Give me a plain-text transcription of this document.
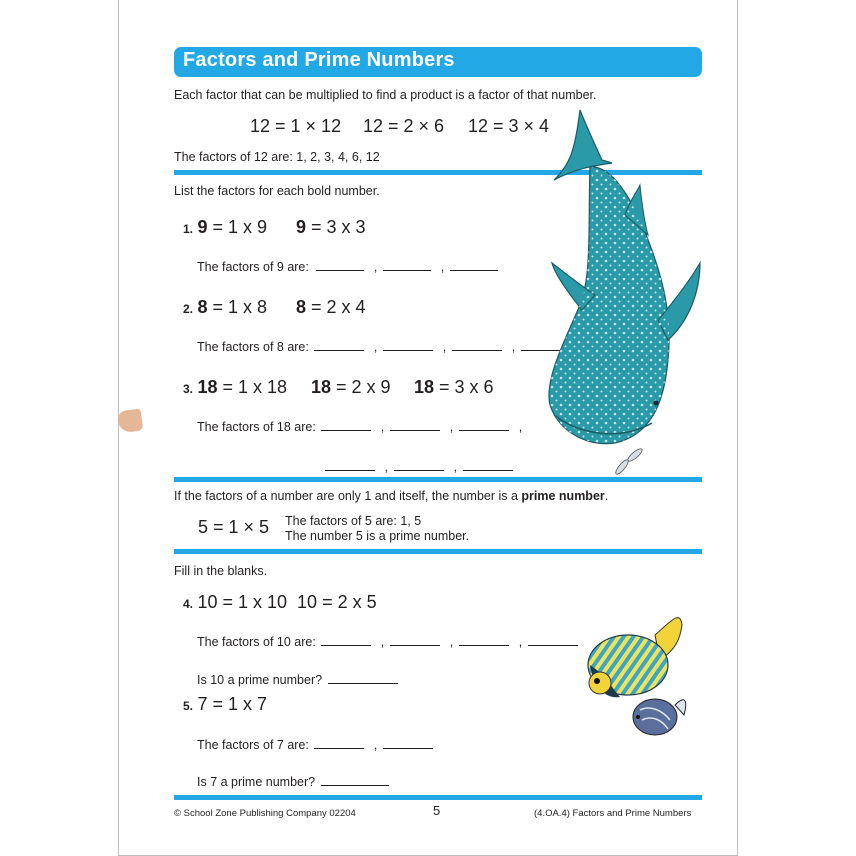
Factors and Prime Numbers
Each factor that can be multiplied to find a product is a factor of that number.
12 = 1 × 12 12 = 2 × 6 12 = 3 × 4
The factors of 12 are: 1, 2, 3, 4, 6, 12
List the factors for each bold number.
1. 9 = 1 x 9 9 = 3 x 3
The factors of 9 are:	,	,
2. 8 = 1 x 8 8 = 2 x 4
The factors of 8 are:	,	,	,
3. 18 = 1 x 18 18 = 2 x 9 18 = 3 x 6
The factors of 18 are:	,	,	,
,	,
If the factors of a number are only 1 and itself, the number is a prime number.
5 = 1 × 5 The factors of 5 are: 1, 5
The number 5 is a prime number.
Fill in the blanks.
4. 10 = 1 x 10  10 = 2 x 5
The factors of 10 are:	,	,	,
Is 10 a prime number?
5. 7 = 1 x 7
The factors of 7 are:	,
Is 7 a prime number?
© School Zone Publishing Company 02204	5	(4.OA.4) Factors and Prime Numbers
